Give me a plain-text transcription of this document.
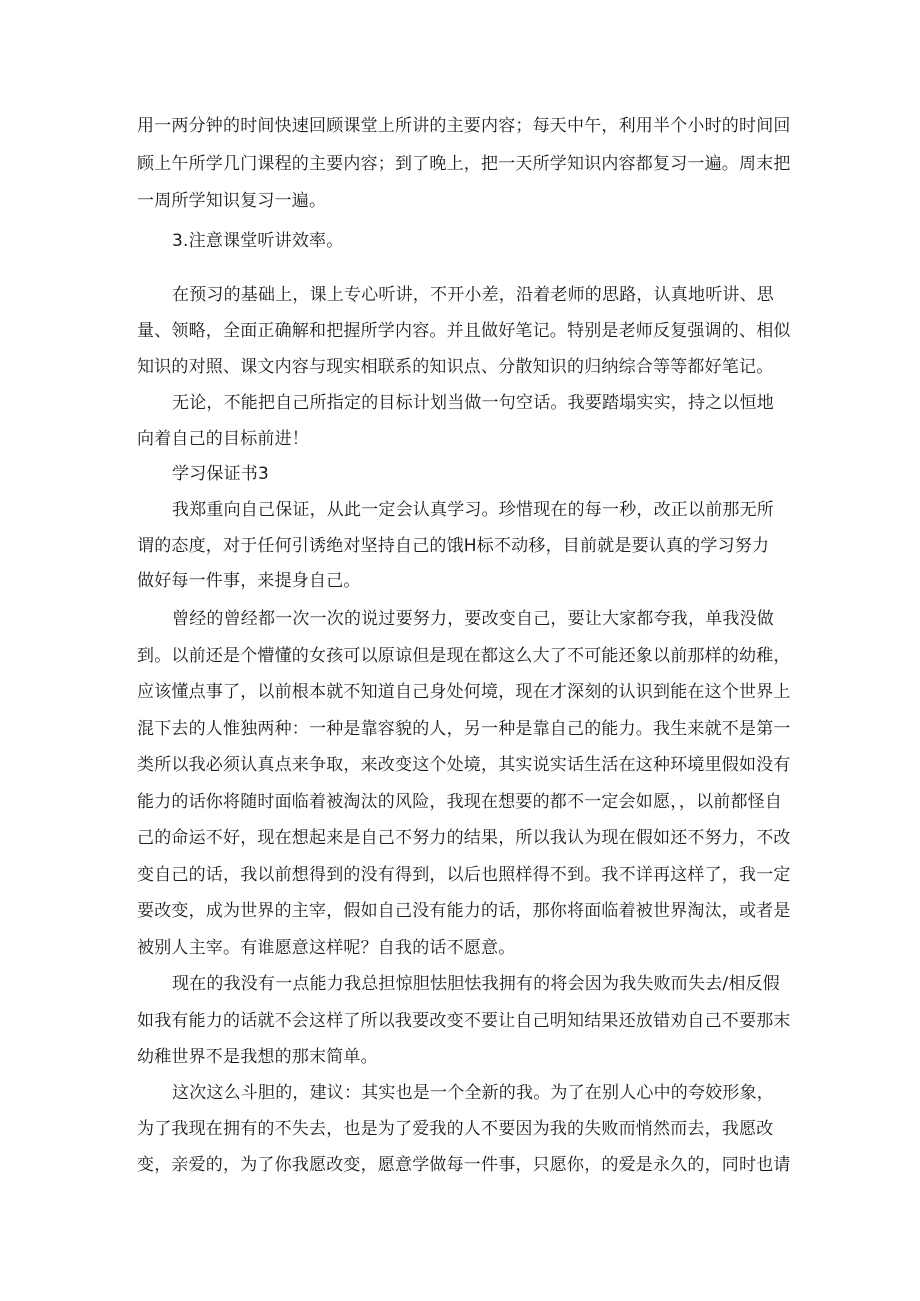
用一两分钟的时间快速回顾课堂上所讲的主要内容；每天中午，利用半个小时的时间回
顾上午所学几门课程的主要内容；到了晚上，把一天所学知识内容都复习一遍。周末把
一周所学知识复习一遍。
3.注意课堂听讲效率。
在预习的基础上，课上专心听讲，不开小差，沿着老师的思路，认真地听讲、思
量、领略，全面正确解和把握所学内容。并且做好笔记。特别是老师反复强调的、相似
知识的对照、课文内容与现实相联系的知识点、分散知识的归纳综合等等都好笔记。
无论，不能把自己所指定的目标计划当做一句空话。我要踏塌实实，持之以恒地
向着自己的目标前进！
学习保证书3
我郑重向自己保证，从此一定会认真学习。珍惜现在的每一秒，改正以前那无所
谓的态度，对于任何引诱绝对坚持自己的饿H标不动移，目前就是要认真的学习努力
做好每一件事，来提身自己。
曾经的曾经都一次一次的说过要努力，要改变自己，要让大家都夸我，单我没做
到。以前还是个懵懂的女孩可以原谅但是现在都这么大了不可能还象以前那样的幼稚，
应该懂点事了，以前根本就不知道自己身处何境，现在才深刻的认识到能在这个世界上
混下去的人惟独两种：一种是靠容貌的人，另一种是靠自己的能力。我生来就不是第一
类所以我必须认真点来争取，来改变这个处境，其实说实话生活在这种环境里假如没有
能力的话你将随时面临着被淘汰的风险，我现在想要的都不一定会如愿，，以前都怪自
己的命运不好，现在想起来是自己不努力的结果，所以我认为现在假如还不努力，不改
变自己的话，我以前想得到的没有得到，以后也照样得不到。我不详再这样了，我一定
要改变，成为世界的主宰，假如自己没有能力的话，那你将面临着被世界淘汰，或者是
被别人主宰。有谁愿意这样呢？自我的话不愿意。
现在的我没有一点能力我总担惊胆怯胆怯我拥有的将会因为我失败而失去/相反假
如我有能力的话就不会这样了所以我要改变不要让自己明知结果还放错劝自己不要那末
幼稚世界不是我想的那末简单。
这次这么斗胆的，建议：其实也是一个全新的我。为了在别人心中的夸姣形象，
为了我现在拥有的不失去，也是为了爱我的人不要因为我的失败而悄然而去，我愿改
变，亲爱的，为了你我愿改变，愿意学做每一件事，只愿你，的爱是永久的，同时也请
